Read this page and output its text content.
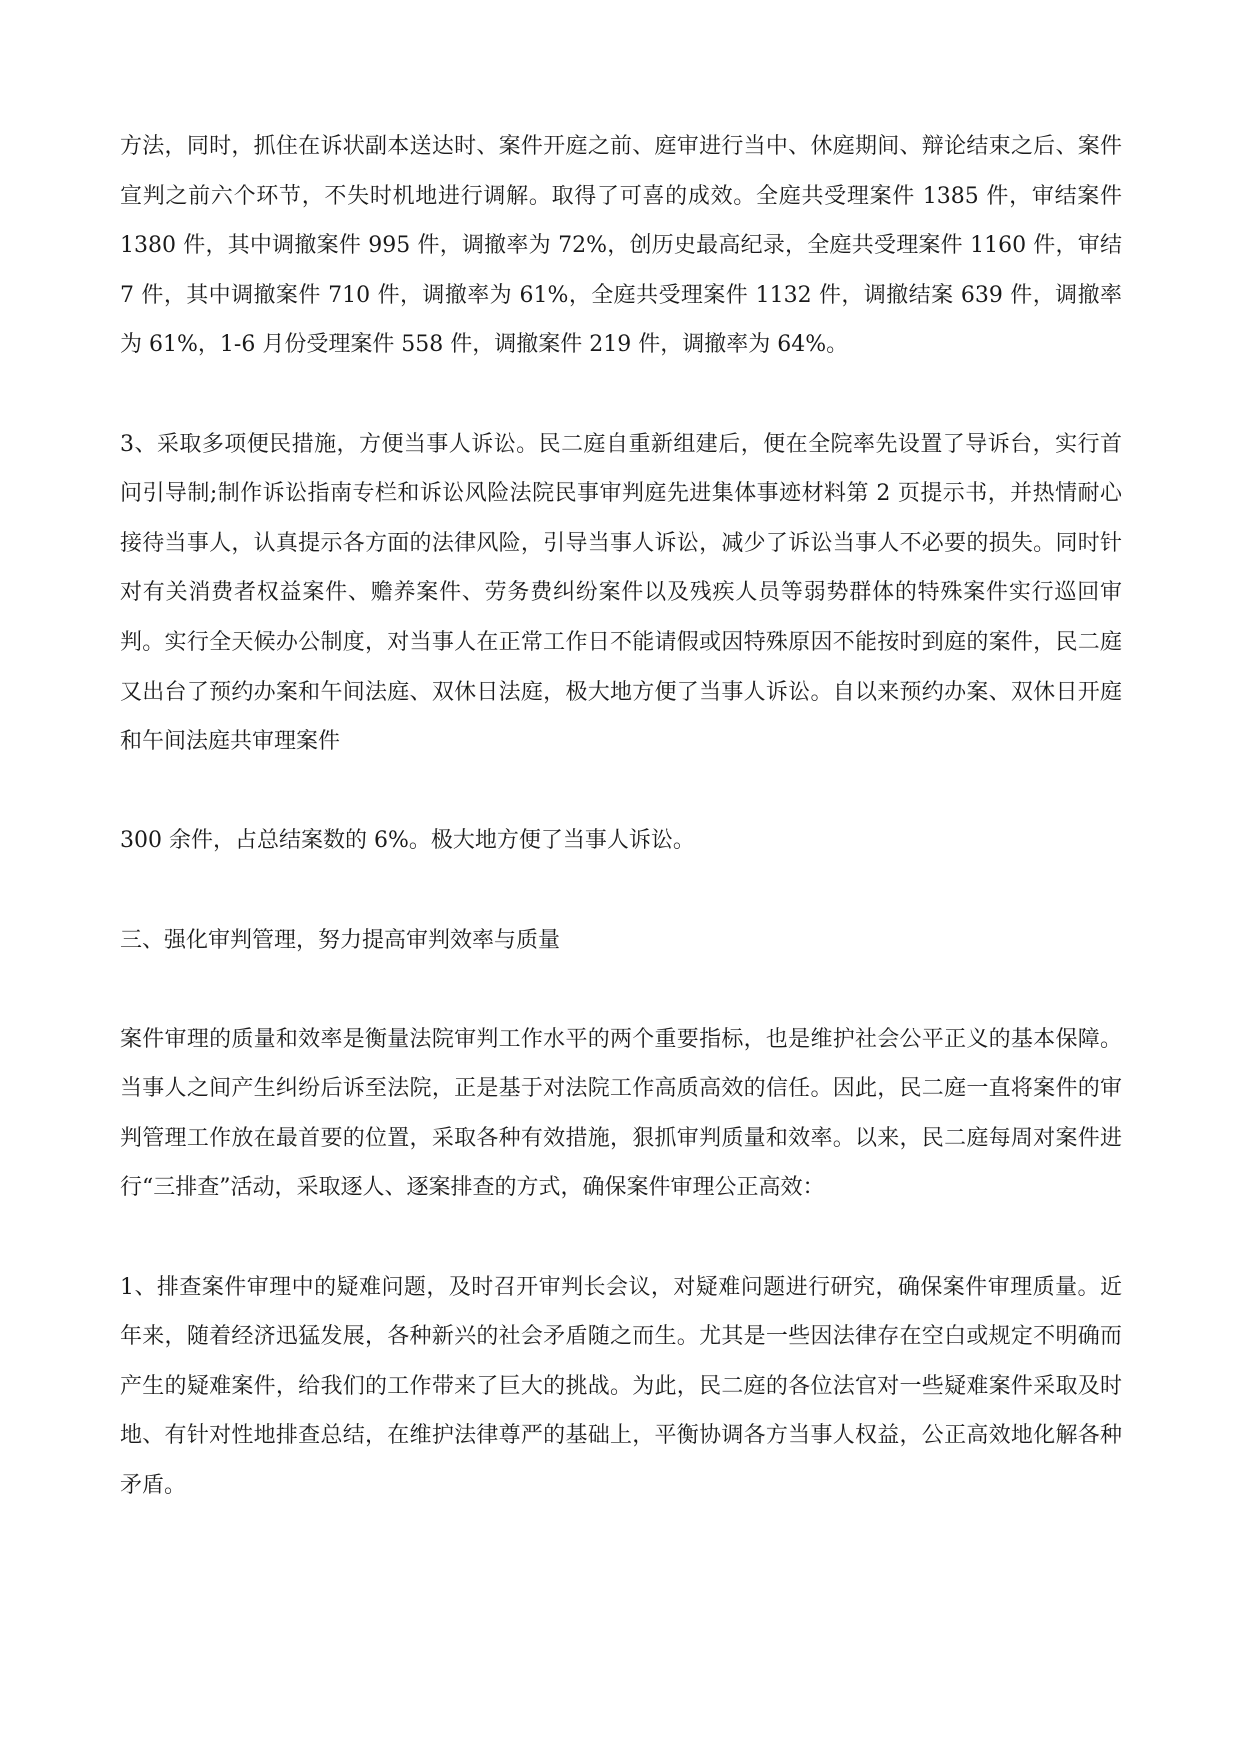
方法，同时，抓住在诉状副本送达时、案件开庭之前、庭审进行当中、休庭期间、辩论结束之后、案件宣判之前六个环节，不失时机地进行调解。取得了可喜的成效。全庭共受理案件 1385 件，审结案件 1380 件，其中调撤案件 995 件，调撤率为 72%，创历史最高纪录，全庭共受理案件 1160 件，审结 7 件，其中调撤案件 710 件，调撤率为 61%，全庭共受理案件 1132 件，调撤结案 639 件，调撤率为 61%，1-6 月份受理案件 558 件，调撤案件 219 件，调撤率为 64%。

3、采取多项便民措施，方便当事人诉讼。民二庭自重新组建后，便在全院率先设置了导诉台，实行首问引导制;制作诉讼指南专栏和诉讼风险法院民事审判庭先进集体事迹材料第 2 页提示书，并热情耐心接待当事人，认真提示各方面的法律风险，引导当事人诉讼，减少了诉讼当事人不必要的损失。同时针对有关消费者权益案件、赡养案件、劳务费纠纷案件以及残疾人员等弱势群体的特殊案件实行巡回审判。实行全天候办公制度，对当事人在正常工作日不能请假或因特殊原因不能按时到庭的案件，民二庭又出台了预约办案和午间法庭、双休日法庭，极大地方便了当事人诉讼。自以来预约办案、双休日开庭和午间法庭共审理案件

300 余件，占总结案数的 6%。极大地方便了当事人诉讼。

三、强化审判管理，努力提高审判效率与质量

案件审理的质量和效率是衡量法院审判工作水平的两个重要指标，也是维护社会公平正义的基本保障。当事人之间产生纠纷后诉至法院，正是基于对法院工作高质高效的信任。因此，民二庭一直将案件的审判管理工作放在最首要的位置，采取各种有效措施，狠抓审判质量和效率。以来，民二庭每周对案件进行“三排查”活动，采取逐人、逐案排查的方式，确保案件审理公正高效：

1、排查案件审理中的疑难问题，及时召开审判长会议，对疑难问题进行研究，确保案件审理质量。近年来，随着经济迅猛发展，各种新兴的社会矛盾随之而生。尤其是一些因法律存在空白或规定不明确而产生的疑难案件，给我们的工作带来了巨大的挑战。为此，民二庭的各位法官对一些疑难案件采取及时地、有针对性地排查总结，在维护法律尊严的基础上，平衡协调各方当事人权益，公正高效地化解各种矛盾。
